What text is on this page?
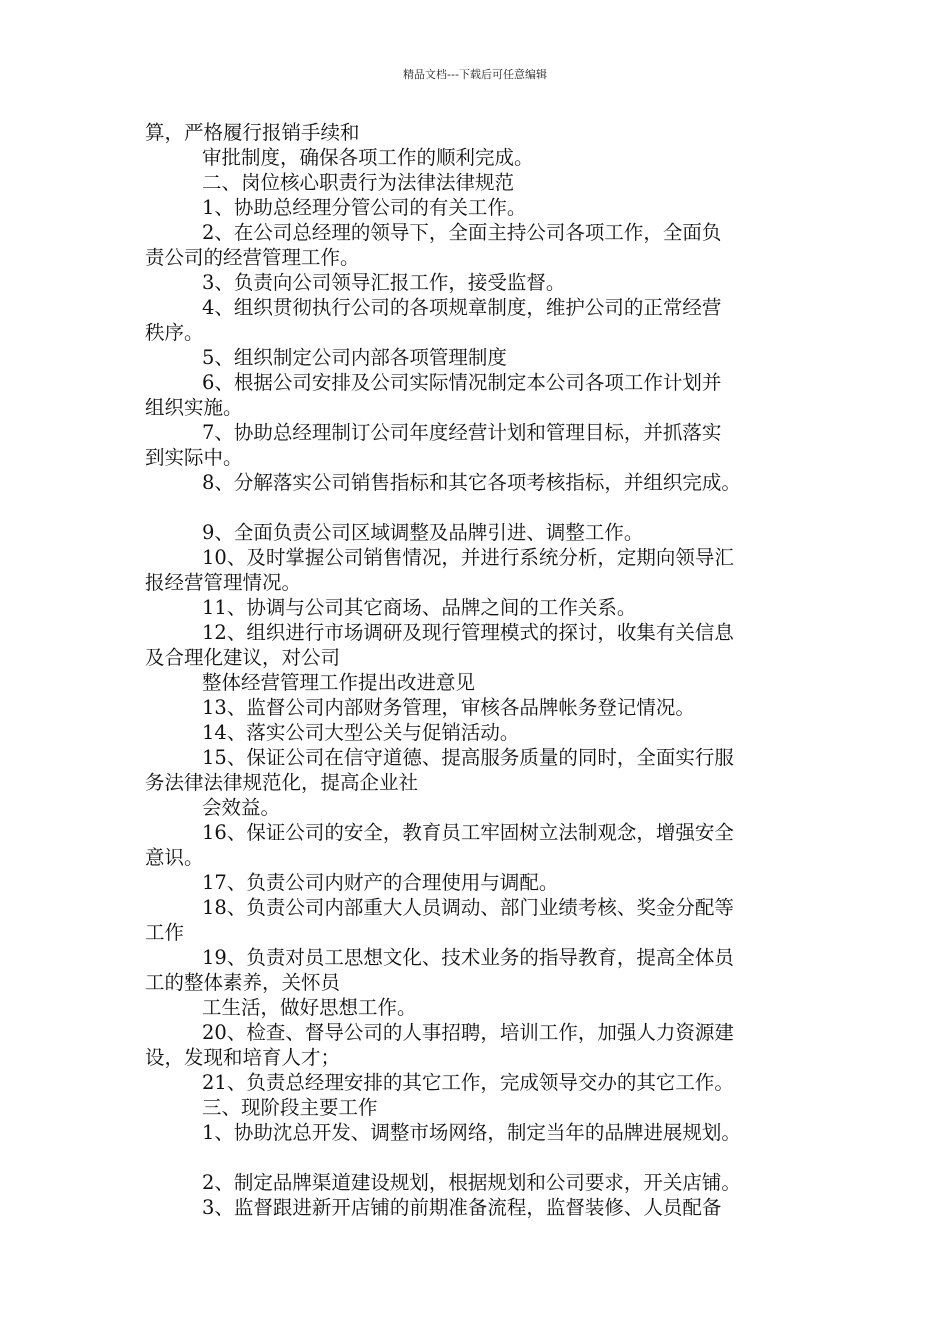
精品文档---下载后可任意编辑
算，严格履行报销手续和
审批制度，确保各项工作的顺利完成。
二、岗位核心职责行为法律法律规范
1、协助总经理分管公司的有关工作。
2、在公司总经理的领导下，全面主持公司各项工作，全面负
责公司的经营管理工作。
3、负责向公司领导汇报工作，接受监督。
4、组织贯彻执行公司的各项规章制度，维护公司的正常经营
秩序。
5、组织制定公司内部各项管理制度
6、根据公司安排及公司实际情况制定本公司各项工作计划并
组织实施。
7、协助总经理制订公司年度经营计划和管理目标，并抓落实
到实际中。
8、分解落实公司销售指标和其它各项考核指标，并组织完成。
9、全面负责公司区域调整及品牌引进、调整工作。
10、及时掌握公司销售情况，并进行系统分析，定期向领导汇
报经营管理情况。
11、协调与公司其它商场、品牌之间的工作关系。
12、组织进行市场调研及现行管理模式的探讨，收集有关信息
及合理化建议，对公司
整体经营管理工作提出改进意见
13、监督公司内部财务管理，审核各品牌帐务登记情况。
14、落实公司大型公关与促销活动。
15、保证公司在信守道德、提高服务质量的同时，全面实行服
务法律法律规范化，提高企业社
会效益。
16、保证公司的安全，教育员工牢固树立法制观念，增强安全
意识。
17、负责公司内财产的合理使用与调配。
18、负责公司内部重大人员调动、部门业绩考核、奖金分配等
工作
19、负责对员工思想文化、技术业务的指导教育，提高全体员
工的整体素养，关怀员
工生活，做好思想工作。
20、检查、督导公司的人事招聘，培训工作，加强人力资源建
设，发现和培育人才；
21、负责总经理安排的其它工作，完成领导交办的其它工作。
三、现阶段主要工作
1、协助沈总开发、调整市场网络，制定当年的品牌进展规划。
2、制定品牌渠道建设规划，根据规划和公司要求，开关店铺。
3、监督跟进新开店铺的前期准备流程，监督装修、人员配备
